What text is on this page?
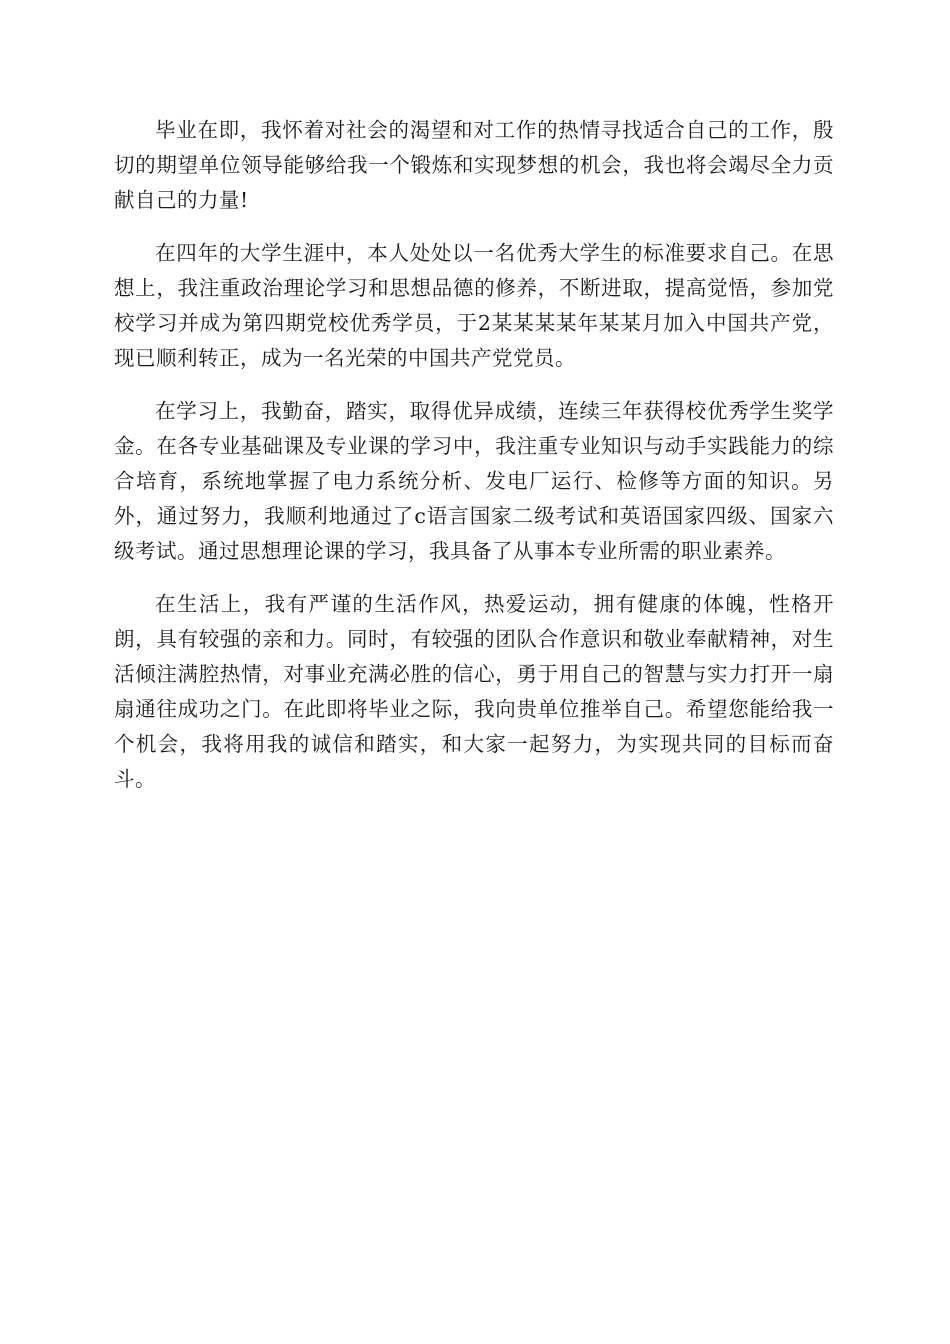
毕业在即，我怀着对社会的渴望和对工作的热情寻找适合自己的工作，殷切的期望单位领导能够给我一个锻炼和实现梦想的机会，我也将会竭尽全力贡献自己的力量!

在四年的大学生涯中，本人处处以一名优秀大学生的标准要求自己。在思想上，我注重政治理论学习和思想品德的修养，不断进取，提高觉悟，参加党校学习并成为第四期党校优秀学员，于2某某某某年某某月加入中国共产党，现已顺利转正，成为一名光荣的中国共产党党员。

在学习上，我勤奋，踏实，取得优异成绩，连续三年获得校优秀学生奖学金。在各专业基础课及专业课的学习中，我注重专业知识与动手实践能力的综合培育，系统地掌握了电力系统分析、发电厂运行、检修等方面的知识。另外，通过努力，我顺利地通过了c语言国家二级考试和英语国家四级、国家六级考试。通过思想理论课的学习，我具备了从事本专业所需的职业素养。

在生活上，我有严谨的生活作风，热爱运动，拥有健康的体魄，性格开朗，具有较强的亲和力。同时，有较强的团队合作意识和敬业奉献精神，对生活倾注满腔热情，对事业充满必胜的信心，勇于用自己的智慧与实力打开一扇扇通往成功之门。在此即将毕业之际，我向贵单位推举自己。希望您能给我一个机会，我将用我的诚信和踏实，和大家一起努力，为实现共同的目标而奋斗。
